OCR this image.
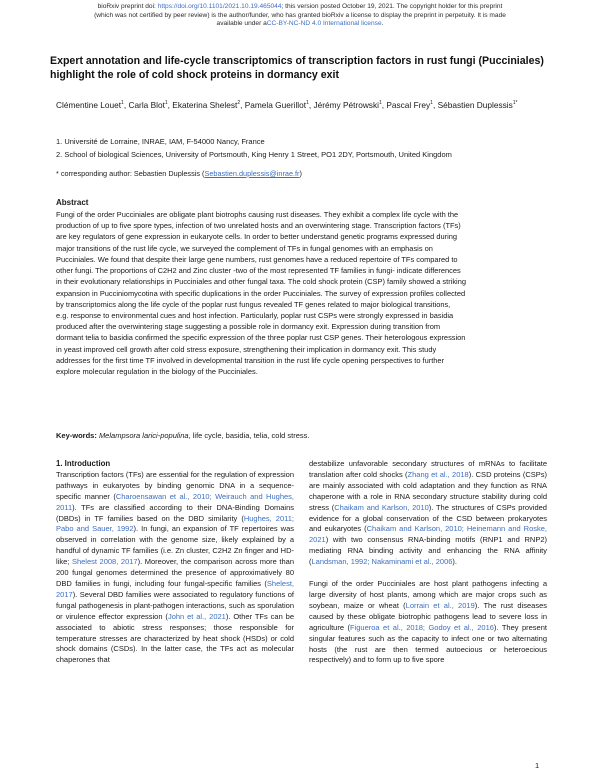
bioRxiv preprint doi: https://doi.org/10.1101/2021.10.19.465044; this version posted October 19, 2021. The copyright holder for this preprint
(which was not certified by peer review) is the author/funder, who has granted bioRxiv a license to display the preprint in perpetuity. It is made
available under aCC-BY-NC-ND 4.0 International license.
Expert annotation and life-cycle transcriptomics of transcription factors in rust fungi (Pucciniales) highlight the role of cold shock proteins in dormancy exit
Clémentine Louet$^1$, Carla Blot$^1$, Ekaterina Shelest$^2$, Pamela Guerillot$^1$, Jérémy Pétrowski$^1$, Pascal Frey$^1$, Sébastien Duplessis$^{1*}$
1. Université de Lorraine, INRAE, IAM, F-54000 Nancy, France
2. School of biological Sciences, University of Portsmouth, King Henry 1 Street, PO1 2DY, Portsmouth, United Kingdom
* corresponding author: Sebastien Duplessis (Sebastien.duplessis@inrae.fr)
Abstract
Fungi of the order Pucciniales are obligate plant biotrophs causing rust diseases. They exhibit a complex life cycle with the
production of up to five spore types, infection of two unrelated hosts and an overwintering stage. Transcription factors (TFs)
are key regulators of gene expression in eukaryote cells. In order to better understand genetic programs expressed during
major transitions of the rust life cycle, we surveyed the complement of TFs in fungal genomes with an emphasis on
Pucciniales. We found that despite their large gene numbers, rust genomes have a reduced repertoire of TFs compared to
other fungi. The proportions of C2H2 and Zinc cluster -two of the most represented TF families in fungi- indicate differences
in their evolutionary relationships in Pucciniales and other fungal taxa. The cold shock protein (CSP) family showed a striking
expansion in Pucciniomycotina with specific duplications in the order Pucciniales. The survey of expression profiles collected
by transcriptomics along the life cycle of the poplar rust fungus revealed TF genes related to major biological transitions,
e.g. response to environmental cues and host infection. Particularly, poplar rust CSPs were strongly expressed in basidia
produced after the overwintering stage suggesting a possible role in dormancy exit. Expression during transition from
dormant telia to basidia confirmed the specific expression of the three poplar rust CSP genes. Their heterologous expression
in yeast improved cell growth after cold stress exposure, strengthening their implication in dormancy exit. This study
addresses for the first time TF involved in developmental transition in the rust life cycle opening perspectives to further
explore molecular regulation in the biology of the Pucciniales.
Key-words: Melampsora larici-populina, life cycle, basidia, telia, cold stress.
1. Introduction

Transcription factors (TFs) are essential for the regulation of expression pathways in eukaryotes by binding genomic DNA in a sequence-specific manner (Charoensawan et al., 2010; Weirauch and Hughes, 2011). TFs are classified according to their DNA-Binding Domains (DBDs) in TF families based on the DBD similarity (Hughes, 2011; Pabo and Sauer, 1992). In fungi, an expansion of TF repertoires was observed in correlation with the genome size, likely explained by a handful of dynamic TF families (i.e. Zn cluster, C2H2 Zn finger and HD-like; Shelest 2008, 2017). Moreover, the comparison across more than 200 fungal genomes determined the presence of approximatively 80 DBD families in fungi, including four fungal-specific families (Shelest, 2017). Several DBD families were associated to regulatory functions of fungal pathogenesis in plant-pathogen interactions, such as sporulation or virulence effector expression (John et al., 2021). Other TFs can be associated to abiotic stress responses; those responsible for temperature stresses are characterized by heat shock (HSDs) or cold shock domains (CSDs). In the latter case, the TFs act as molecular chaperones that

destabilize unfavorable secondary structures of mRNAs to facilitate translation after cold shocks (Zhang et al., 2018). CSD proteins (CSPs) are mainly associated with cold adaptation and they function as RNA chaperone with a role in RNA secondary structure stability during cold stress (Chaikam and Karlson, 2010). The structures of CSPs provided evidence for a global conservation of the CSD between prokaryotes and eukaryotes (Chaikam and Karlson, 2010; Heinemann and Roske, 2021) with two consensus RNA-binding motifs (RNP1 and RNP2) mediating RNA binding activity and enhancing the RNA affinity (Landsman, 1992; Nakaminami et al., 2006).

Fungi of the order Pucciniales are host plant pathogens infecting a large diversity of host plants, among which are major crops such as soybean, maize or wheat (Lorrain et al., 2019). The rust diseases caused by these obligate biotrophic pathogens lead to severe loss in agriculture (Figueroa et al., 2018; Godoy et al., 2016). They present singular features such as the capacity to infect one or two alternating hosts (the rust are then termed autoecious or heteroecious respectively) and to form up to five spore

1
